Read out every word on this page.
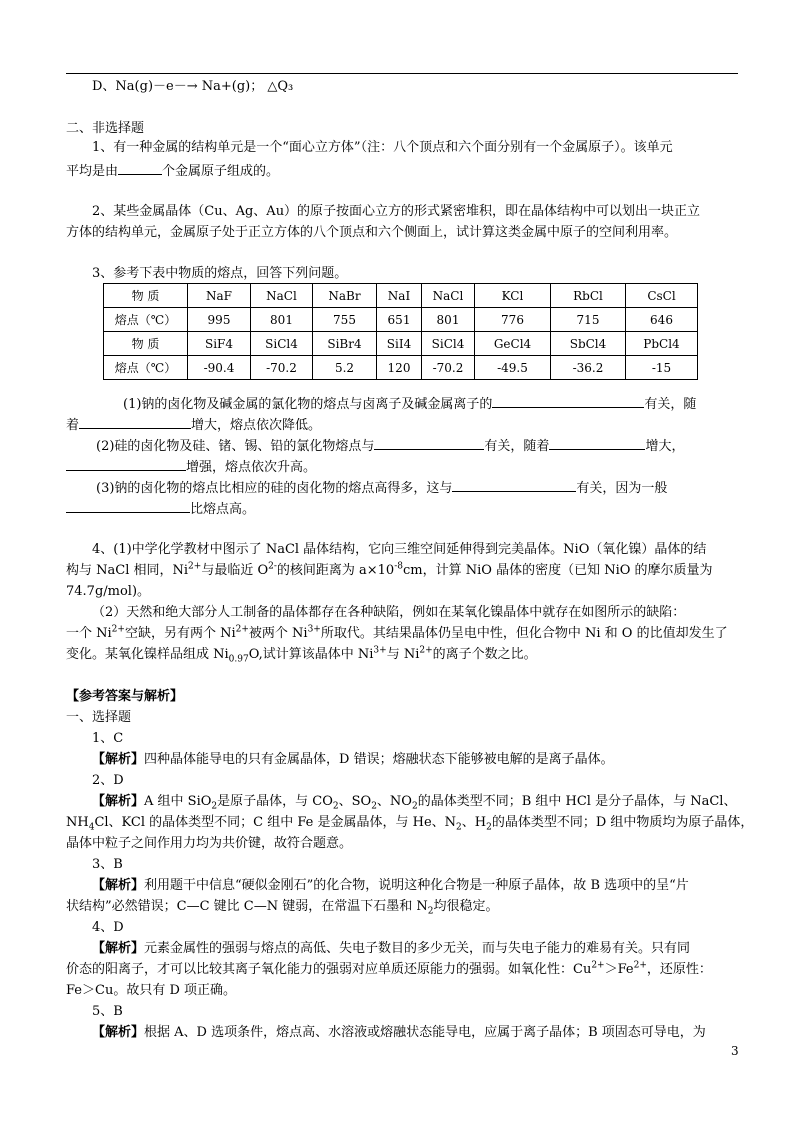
D、Na(g)－e－→ Na+(g)； △Q₃
二、非选择题
1、有一种金属的结构单元是一个“面心立方体”（注：八个顶点和六个面分别有一个金属原子）。该单元
平均是由	个金属原子组成的。
2、某些金属晶体（Cu、Ag、Au）的原子按面心立方的形式紧密堆积，即在晶体结构中可以划出一块正立
方体的结构单元，金属原子处于正立方体的八个顶点和六个侧面上，试计算这类金属中原子的空间利用率。
3、参考下表中物质的熔点，回答下列问题。
物 质	NaF	NaCl	NaBr	NaI	NaCl	KCl	RbCl	CsCl
熔点（℃）	995	801	755	651	801	776	715	646
物 质	SiF4	SiCl4	SiBr4	SiI4	SiCl4	GeCl4	SbCl4	PbCl4
熔点（℃）	-90.4	-70.2	5.2	120	-70.2	-49.5	-36.2	-15
(1)钠的卤化物及碱金属的氯化物的熔点与卤离子及碱金属离子的	有关，随
着	增大，熔点依次降低。
(2)硅的卤化物及硅、锗、锡、铅的氯化物熔点与	有关，随着	增大，
增强，熔点依次升高。
(3)钠的卤化物的熔点比相应的硅的卤化物的熔点高得多，这与	有关，因为一般
比熔点高。
4、(1)中学化学教材中图示了 NaCl 晶体结构，它向三维空间延伸得到完美晶体。NiO（氧化镍）晶体的结
构与 NaCl 相同，$Ni^{2+}$与最临近 $O^{2-}$的核间距离为 $a\times 10^{-8}cm$，计算 NiO 晶体的密度（已知 NiO 的摩尔质量为
74.7g/mol)。
（2）天然和绝大部分人工制备的晶体都存在各种缺陷，例如在某氧化镍晶体中就存在如图所示的缺陷：
一个 $Ni^{2+}$空缺，另有两个 $Ni^{2+}$被两个 $Ni^{3+}$所取代。其结果晶体仍呈电中性，但化合物中 Ni 和 O 的比值却发生了
变化。某氧化镍样品组成 $Ni_{0.97}O$,试计算该晶体中 $Ni^{3+}$与 $Ni^{2+}$的离子个数之比。
【参考答案与解析】
一、选择题
1、C
【解析】四种晶体能导电的只有金属晶体，D 错误；熔融状态下能够被电解的是离子晶体。
2、D
【解析】A 组中 SiO$_2$是原子晶体，与 $CO_2$、$SO_2$、$NO_2$的晶体类型不同；B 组中 HCl 是分子晶体，与 NaCl、
$NH_4Cl$、KCl 的晶体类型不同；C 组中 Fe 是金属晶体，与 He、$N_2$、$H_2$的晶体类型不同；D 组中物质均为原子晶体，
晶体中粒子之间作用力均为共价键，故符合题意。
3、B
【解析】利用题干中信息“硬似金刚石”的化合物，说明这种化合物是一种原子晶体，故 B 选项中的呈“片
状结构”必然错误；C—C 键比 C—N 键弱，在常温下石墨和 $N_2$均很稳定。
4、D
【解析】元素金属性的强弱与熔点的高低、失电子数目的多少无关，而与失电子能力的难易有关。只有同
价态的阳离子，才可以比较其离子氧化能力的强弱对应单质还原能力的强弱。如氧化性：$Cu^{2+}>Fe^{2+}$，还原性：
Fe＞Cu。故只有 D 项正确。
5、B
【解析】根据 A、D 选项条件，熔点高、水溶液或熔融状态能导电，应属于离子晶体；B 项固态可导电，为
3
